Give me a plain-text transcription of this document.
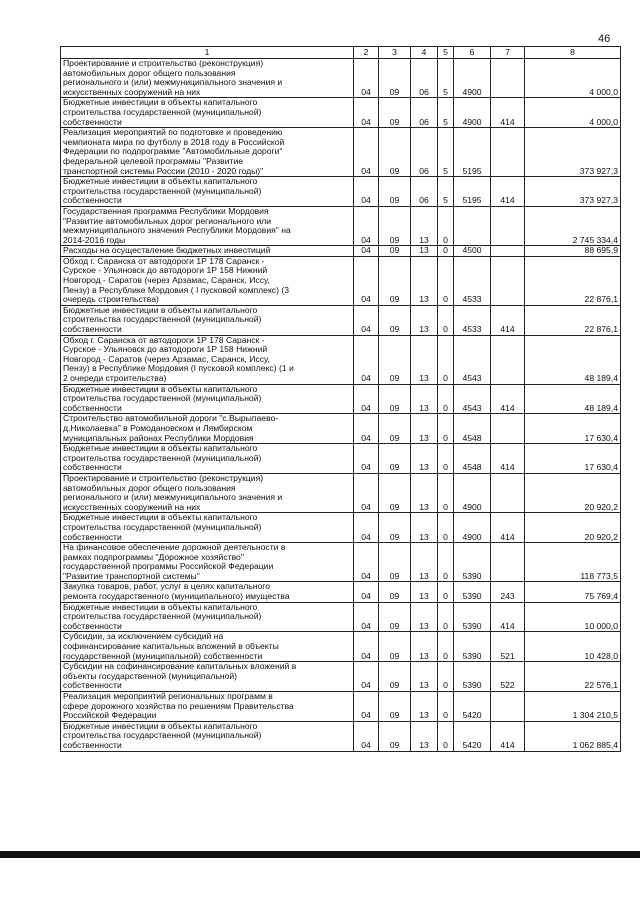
46
1	2	3	4	5	6	7	8

Проектирование и строительство (реконструкция)
автомобильных дорог общего пользования
регионального и (или) межмуниципального значения и
искусственных сооружений на них	04	09	06	5	4900		4 000,0

Бюджетные инвестиции в объекты капитального
строительства государственной (муниципальной)
собственности	04	09	06	5	4900	414	4 000,0

Реализация мероприятий по подготовке и проведению
чемпионата мира по футболу в 2018 году в Российской
Федерации по подпрограмме "Автомобильные дороги"
федеральной целевой программы "Развитие
транспортной системы России (2010 - 2020 годы)"	04	09	06	5	5195		373 927,3

Бюджетные инвестиции в объекты капитального
строительства государственной (муниципальной)
собственности	04	09	06	5	5195	414	373 927,3

Государственная программа Республики Мордовия
"Развитие автомобильных дорог регионального или
межмуниципального значения Республики Мордовия" на
2014-2016 годы	04	09	13	0			2 745 334,4

Расходы на осуществление бюджетных инвестиций	04	09	13	0	4500		88 695,9

Обход г. Саранска от автодороги 1Р 178 Саранск -
Сурское - Ульяновск до автодороги 1Р 158 Нижний
Новгород - Саратов (через Арзамас, Саранск, Иссу,
Пензу) в Республике Мордовия ( I пусковой комплекс) (3
очередь строительства)	04	09	13	0	4533		22 876,1

Бюджетные инвестиции в объекты капитального
строительства государственной (муниципальной)
собственности	04	09	13	0	4533	414	22 876,1

Обход г. Саранска от автодороги 1Р 178 Саранск -
Сурское - Ульяновск до автодороги 1Р 158 Нижний
Новгород - Саратов (через Арзамас, Саранск, Иссу,
Пензу) в Республике Мордовия (I пусковой комплекс) (1 и
2 очереди строительства)	04	09	13	0	4543		48 189,4

Бюджетные инвестиции в объекты капитального
строительства государственной (муниципальной)
собственности	04	09	13	0	4543	414	48 189,4

Строительство автомобильной дороги "с.Вырыпаево-
д.Николаевка" в Ромодановском и Лямбирском
муниципальных районах Республики Мордовия	04	09	13	0	4548		17 630,4

Бюджетные инвестиции в объекты капитального
строительства государственной (муниципальной)
собственности	04	09	13	0	4548	414	17 630,4

Проектирование и строительство (реконструкция)
автомобильных дорог общего пользования
регионального и (или) межмуниципального значения и
искусственных сооружений на них	04	09	13	0	4900		20 920,2

Бюджетные инвестиции в объекты капитального
строительства государственной (муниципальной)
собственности	04	09	13	0	4900	414	20 920,2

На финансовое обеспечение дорожной деятельности в
рамках подпрограммы "Дорожное хозяйство"
государственной программы Российской Федерации
"Развитие транспортной системы"	04	09	13	0	5390		118 773,5

Закупка товаров, работ, услуг в целях капитального
ремонта государственного (муниципального) имущества	04	09	13	0	5390	243	75 769,4

Бюджетные инвестиции в объекты капитального
строительства государственной (муниципальной)
собственности	04	09	13	0	5390	414	10 000,0

Субсидии, за исключением субсидий на
софинансирование капитальных вложений в объекты
государственной (муниципальной) собственности	04	09	13	0	5390	521	10 428,0

Субсидии на софинансирование капитальных вложений в
объекты государственной (муниципальной)
собственности	04	09	13	0	5390	522	22 576,1

Реализация мероприятий региональных программ в
сфере дорожного хозяйства по решениям Правительства
Российской Федерации	04	09	13	0	5420		1 304 210,5

Бюджетные инвестиции в объекты капитального
строительства государственной (муниципальной)
собственности	04	09	13	0	5420	414	1 062 885,4
